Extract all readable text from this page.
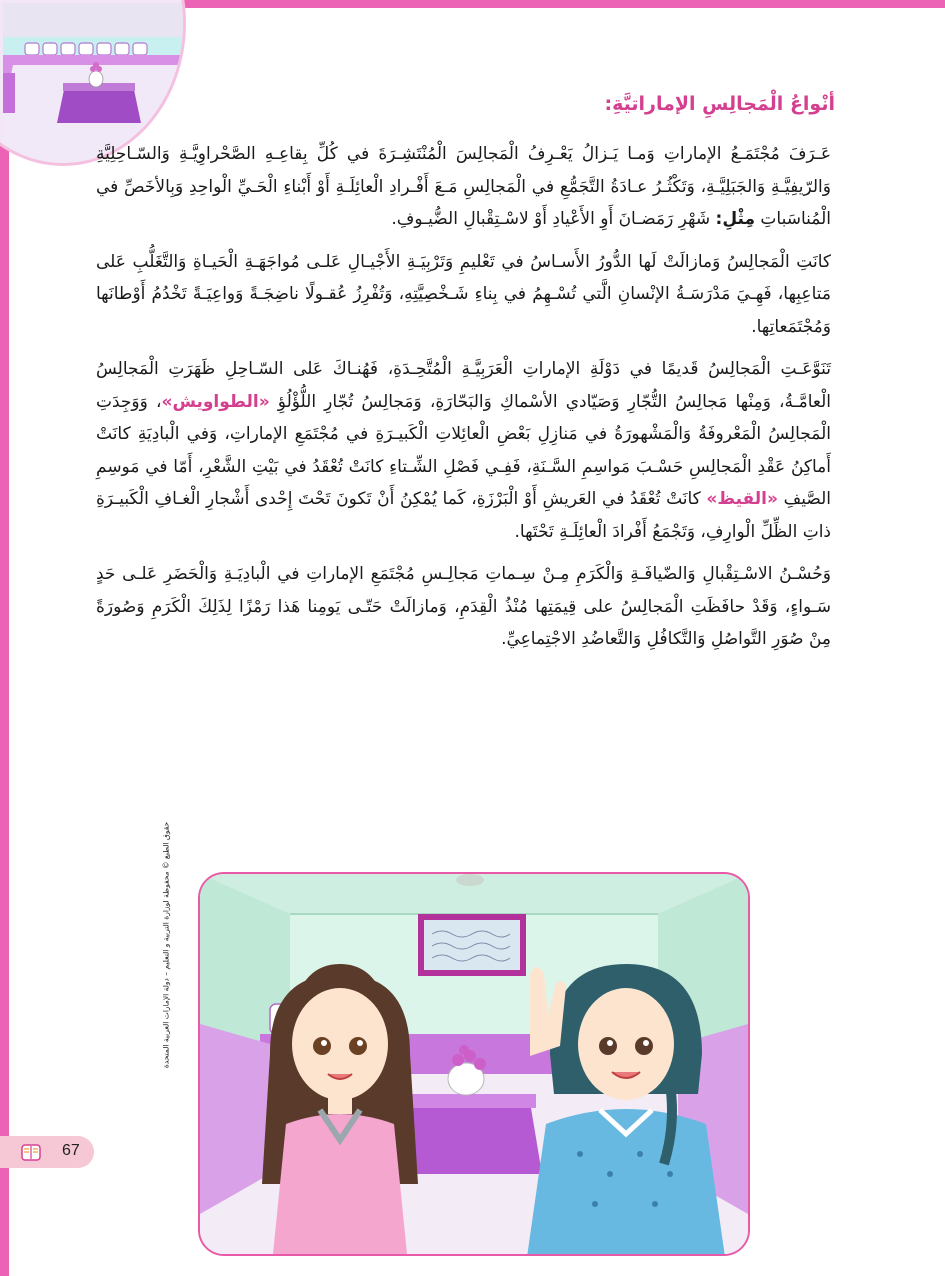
أنْواعُ الْمَجالِسِ الإماراتيَّةِ:

عَـرَفَ مُجْتَمَـعُ الإماراتِ وَمـا يَـزالُ يَعْـرِفُ الْمَجالِسَ الْمُنْتَشِـرَةَ في كُلِّ بِقاعِـهِ الصَّحْراوِيَّـةِ وَالسّـاحِلِيَّةِ وَالرّيفِيَّـةِ وَالجَبَلِيَّـةِ، وَتَكْثُـرُ عـادَةُ التَّجَمُّعِ في الْمَجالِسِ مَـعَ أَفْـرادِ الْعائِلَـةِ أَوْ أَبْناءِ الْحَـيِّ الْواحِدِ وَبِالأخَصِّ في الْمُناسَباتِ مِثْلِ: شَهْرِ رَمَضـانَ أَوِ الأَعْيادِ أَوْ لاسْـتِقْبالِ الضُّيـوفِ.

كانَتِ الْمَجالِسُ وَمازالَتْ لَها الدُّورُ الأَسـاسُ في تَعْليمِ وَتَرْبِيَـةِ الأَجْيـالِ عَلـى مُواجَهَـةِ الْحَيـاةِ وَالتَّغَلُّبِ عَلى مَتاعِبِها، فَهِـيَ مَدْرَسَـةُ الإنْسانِ الَّتي تُسْـهِمُ في بِناءِ شَـخْصِيَّتِهِ، وَتُفْرِزُ عُقـولًا ناضِجَـةً وَواعِيَـةً تَخْدُمُ أَوْطانَها وَمُجْتَمَعاتِها.

تَنَوَّعَـتِ الْمَجالِسُ قَديمًا في دَوْلَةِ الإماراتِ الْعَرَبِيَّـةِ الْمُتَّحِـدَةِ، فَهُنـاكَ عَلى السّـاحِلِ ظَهَرَتِ الْمَجالِسُ الْعامَّـةُ، وَمِنْها مَجالِسُ التُّجّارِ وَصَيّادي الأسْماكِ وَالبَحّارَةِ، وَمَجالِسُ تُجّارِ اللُّؤْلُؤِ «الطواويش»، وَوَجِدَتِ الْمَجالِسُ الْمَعْروفَةُ وَالْمَشْهورَةُ في مَنازِلِ بَعْضِ الْعائِلاتِ الْكَبيـرَةِ في مُجْتَمَعِ الإماراتِ، وَفي الْبادِيَةِ كانَتْ أَماكِنُ عَقْدِ الْمَجالِسِ حَسْـبَ مَواسِمِ السَّـنَةِ، فَفِـي فَصْلِ الشِّـتاءِ كانَتْ تُعْقَدُ في بَيْتِ الشَّعْرِ، أَمّا في مَوسِمِ الصَّيفِ «القيظ» كانَتْ تُعْقَدُ في العَريشِ أَوْ الْبَرْزَةِ، كَما يُمْكِنُ أَنْ تَكونَ تَحْتَ إِحْدى أَشْجارِ الْغـافِ الْكَبيـرَةِ ذاتِ الظِّلِّ الْوارِفِ، وَتَجْمَعُ أَفْرادَ الْعائِلَـةِ تَحْتَها.

وَحُسْـنُ الاسْـتِقْبالِ وَالضّيافَـةِ وَالْكَرَمِ مِـنْ سِـماتِ مَجالِـسِ مُجْتَمَعِ الإماراتِ في الْبادِيَـةِ وَالْحَضَرِ عَلـى حَدٍ سَـواءٍ، وَقَدْ حافَظَتِ الْمَجالِسُ على قِيمَتِها مُنْذُ الْقِدَمِ، وَمازالَتْ حَتّـى يَومِنا هَذا رَمْزًا لِذَلِكَ الْكَرَمِ وَصُورَةً مِنْ صُوَرِ التَّواصُلِ وَالتَّكافُلِ وَالتَّعاضُدِ الاجْتِماعِيِّ.

حقوق الطبع © محفوظة لوزارة التربية و التعليم – دولة الإمارات العربية المتحدة
67
